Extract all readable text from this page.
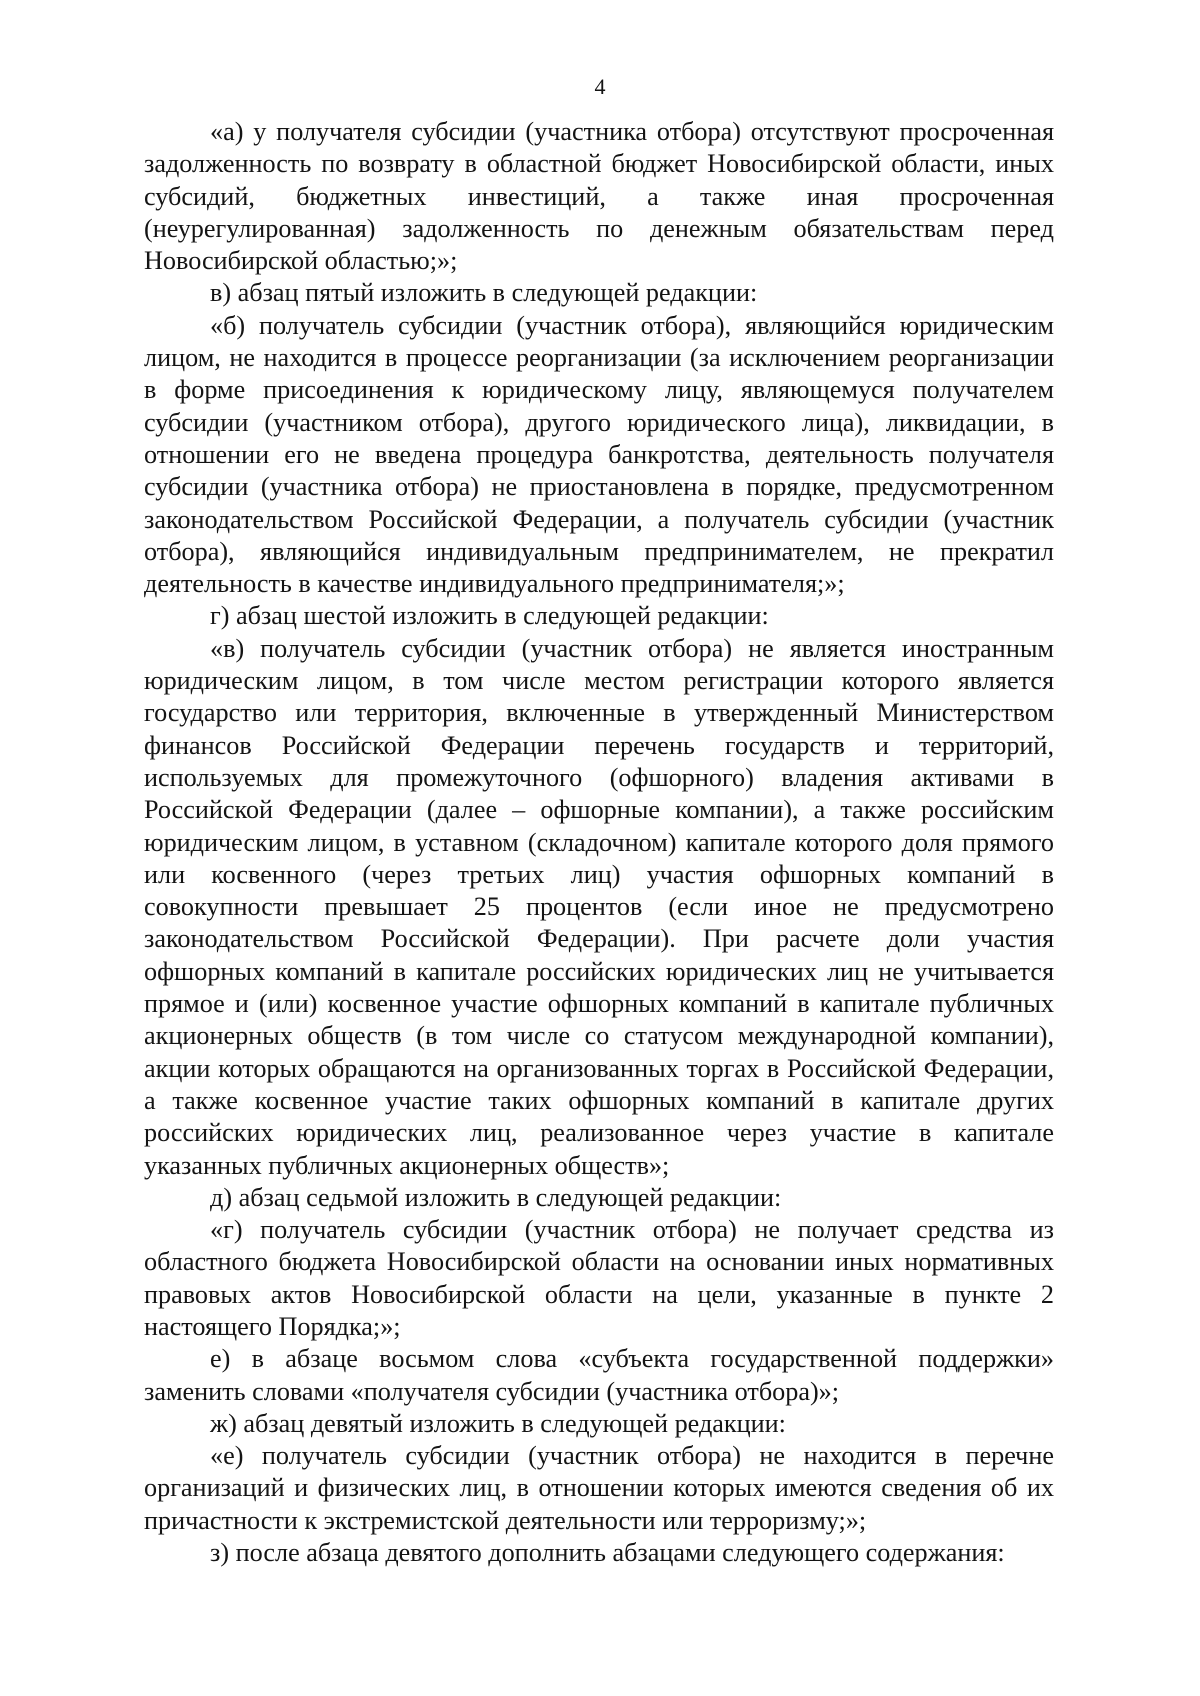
4

«а) у получателя субсидии (участника отбора) отсутствуют просроченная задолженность по возврату в областной бюджет Новосибирской области, иных субсидий, бюджетных инвестиций, а также иная просроченная (неурегулированная) задолженность по денежным обязательствам перед Новосибирской областью;»;

в) абзац пятый изложить в следующей редакции:

«б) получатель субсидии (участник отбора), являющийся юридическим лицом, не находится в процессе реорганизации (за исключением реорганизации в форме присоединения к юридическому лицу, являющемуся получателем субсидии (участником отбора), другого юридического лица), ликвидации, в отношении его не введена процедура банкротства, деятельность получателя субсидии (участника отбора) не приостановлена в порядке, предусмотренном законодательством Российской Федерации, а получатель субсидии (участник отбора), являющийся индивидуальным предпринимателем, не прекратил деятельность в качестве индивидуального предпринимателя;»;

г) абзац шестой изложить в следующей редакции:

«в) получатель субсидии (участник отбора) не является иностранным юридическим лицом, в том числе местом регистрации которого является государство или территория, включенные в утвержденный Министерством финансов Российской Федерации перечень государств и территорий, используемых для промежуточного (офшорного) владения активами в Российской Федерации (далее – офшорные компании), а также российским юридическим лицом, в уставном (складочном) капитале которого доля прямого или косвенного (через третьих лиц) участия офшорных компаний в совокупности превышает 25 процентов (если иное не предусмотрено законодательством Российской Федерации). При расчете доли участия офшорных компаний в капитале российских юридических лиц не учитывается прямое и (или) косвенное участие офшорных компаний в капитале публичных акционерных обществ (в том числе со статусом международной компании), акции которых обращаются на организованных торгах в Российской Федерации, а также косвенное участие таких офшорных компаний в капитале других российских юридических лиц, реализованное через участие в капитале указанных публичных акционерных обществ»;

д) абзац седьмой изложить в следующей редакции:

«г) получатель субсидии (участник отбора) не получает средства из областного бюджета Новосибирской области на основании иных нормативных правовых актов Новосибирской области на цели, указанные в пункте 2 настоящего Порядка;»;

е) в абзаце восьмом слова «субъекта государственной поддержки» заменить словами «получателя субсидии (участника отбора)»;

ж) абзац девятый изложить в следующей редакции:

«е) получатель субсидии (участник отбора) не находится в перечне организаций и физических лиц, в отношении которых имеются сведения об их причастности к экстремистской деятельности или терроризму;»;

з) после абзаца девятого дополнить абзацами следующего содержания:
